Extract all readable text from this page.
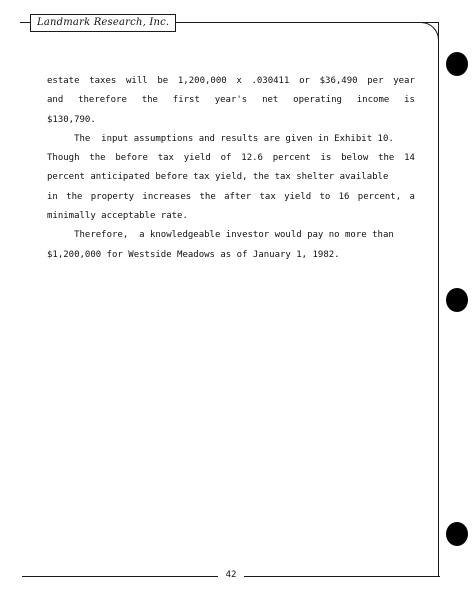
Landmark Research, Inc.
estate taxes will be 1,200,000 x .030411 or $36,490 per year
and therefore the first year's net operating income is
$130,790.
The  input assumptions and results are given in Exhibit 10.
Though the before tax yield of 12.6 percent is below the 14
percent anticipated before tax yield, the tax shelter available
in the property increases the after tax yield to 16 percent, a
minimally acceptable rate.
Therefore,  a knowledgeable investor would pay no more than
$1,200,000 for Westside Meadows as of January 1, 1982.
42
